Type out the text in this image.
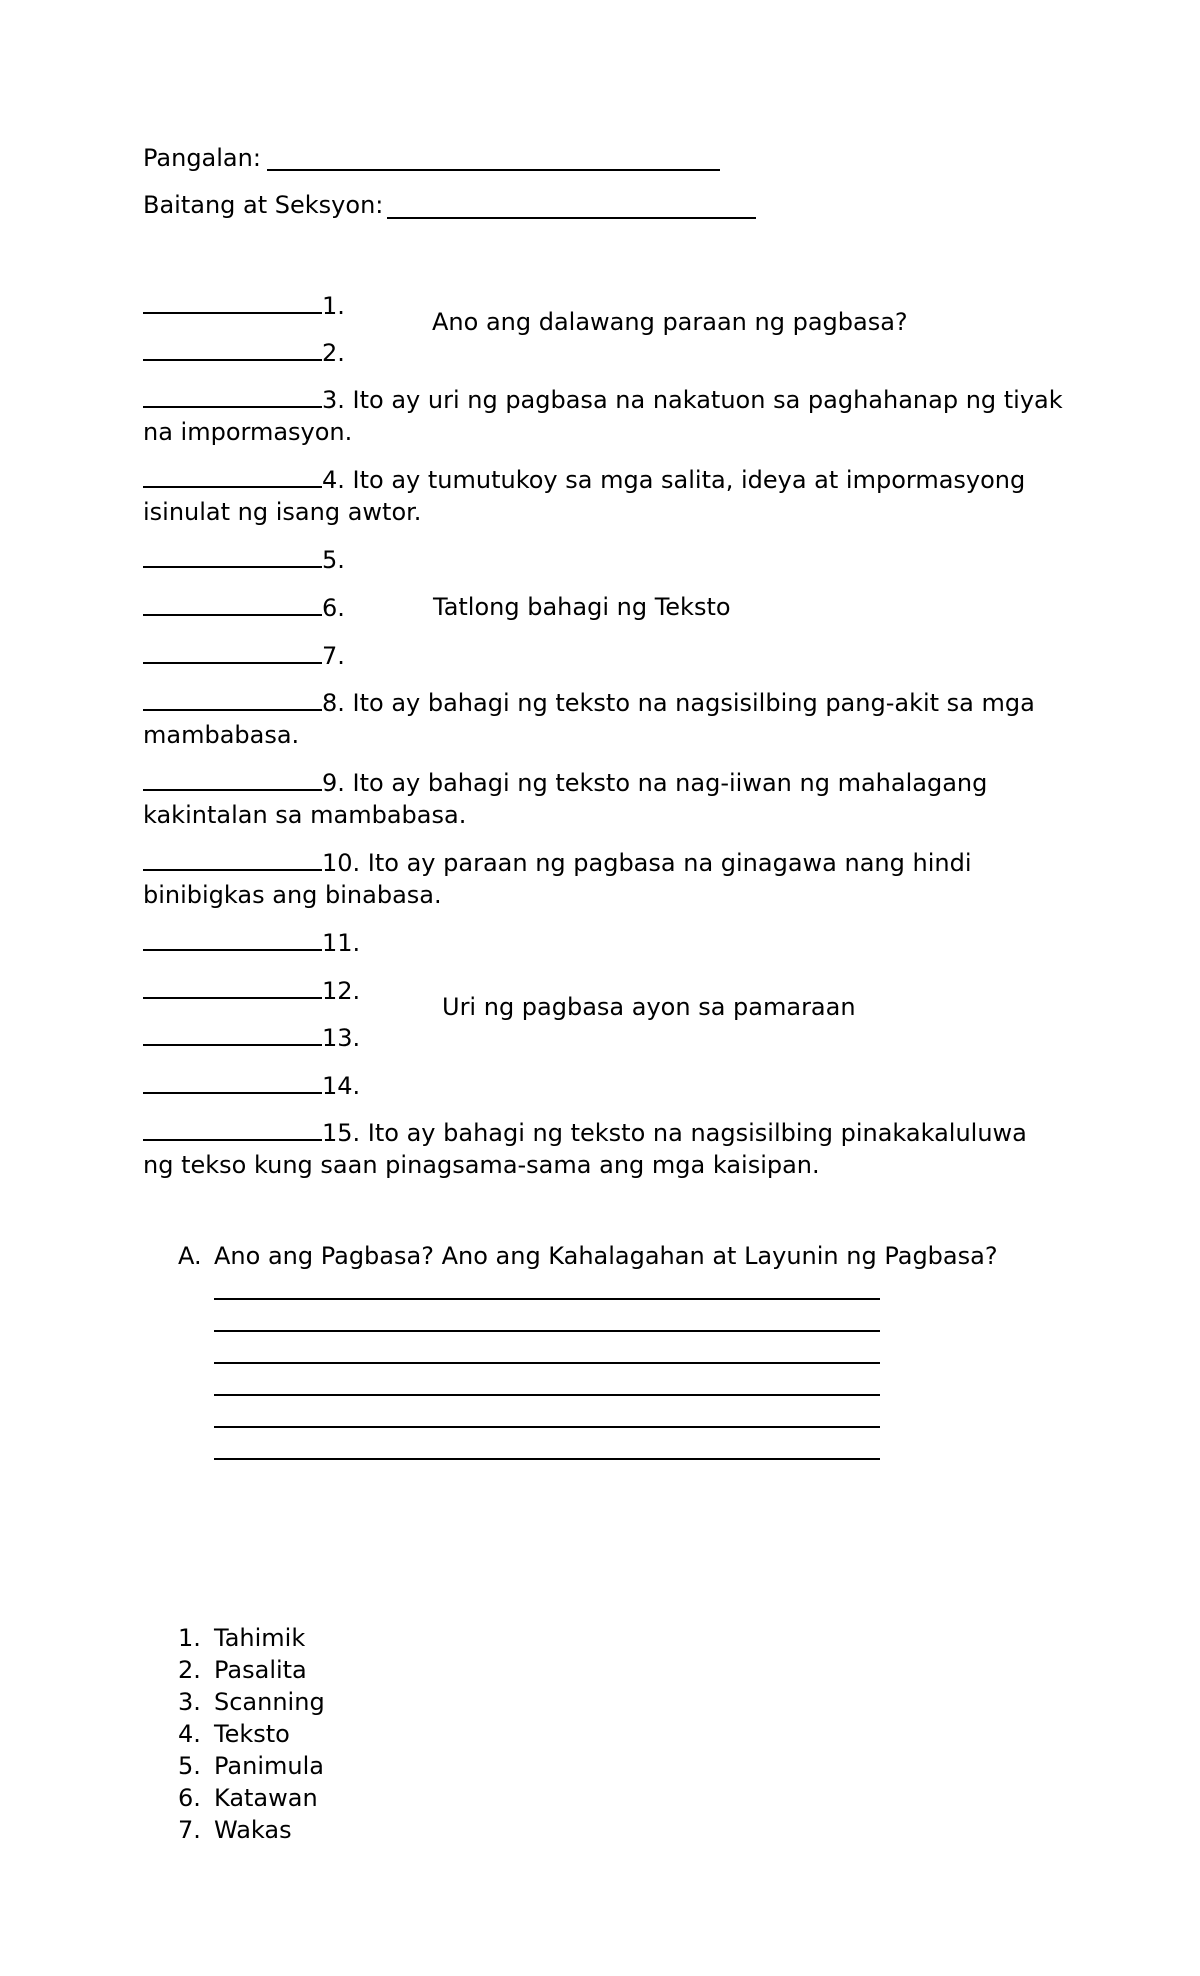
Pangalan:
Baitang at Seksyon:
1.
2.
Ano ang dalawang paraan ng pagbasa?
3. Ito ay uri ng pagbasa na nakatuon sa paghahanap ng tiyak na impormasyon.
4. Ito ay tumutukoy sa mga salita, ideya at impormasyong isinulat ng isang awtor.
5.
6.	Tatlong bahagi ng Teksto
7.
8. Ito ay bahagi ng teksto na nagsisilbing pang-akit sa mga mambabasa.
9. Ito ay bahagi ng teksto na nag-iiwan ng mahalagang kakintalan sa mambabasa.
10. Ito ay paraan ng pagbasa na ginagawa nang hindi binibigkas ang binabasa.
11.
12.
Uri ng pagbasa ayon sa pamaraan
13.
14.
15. Ito ay bahagi ng teksto na nagsisilbing pinakakaluluwa ng tekso kung saan pinagsama-sama ang mga kaisipan.
A. Ano ang Pagbasa? Ano ang Kahalagahan at Layunin ng Pagbasa?
1. Tahimik
2. Pasalita
3. Scanning
4. Teksto
5. Panimula
6. Katawan
7. Wakas
